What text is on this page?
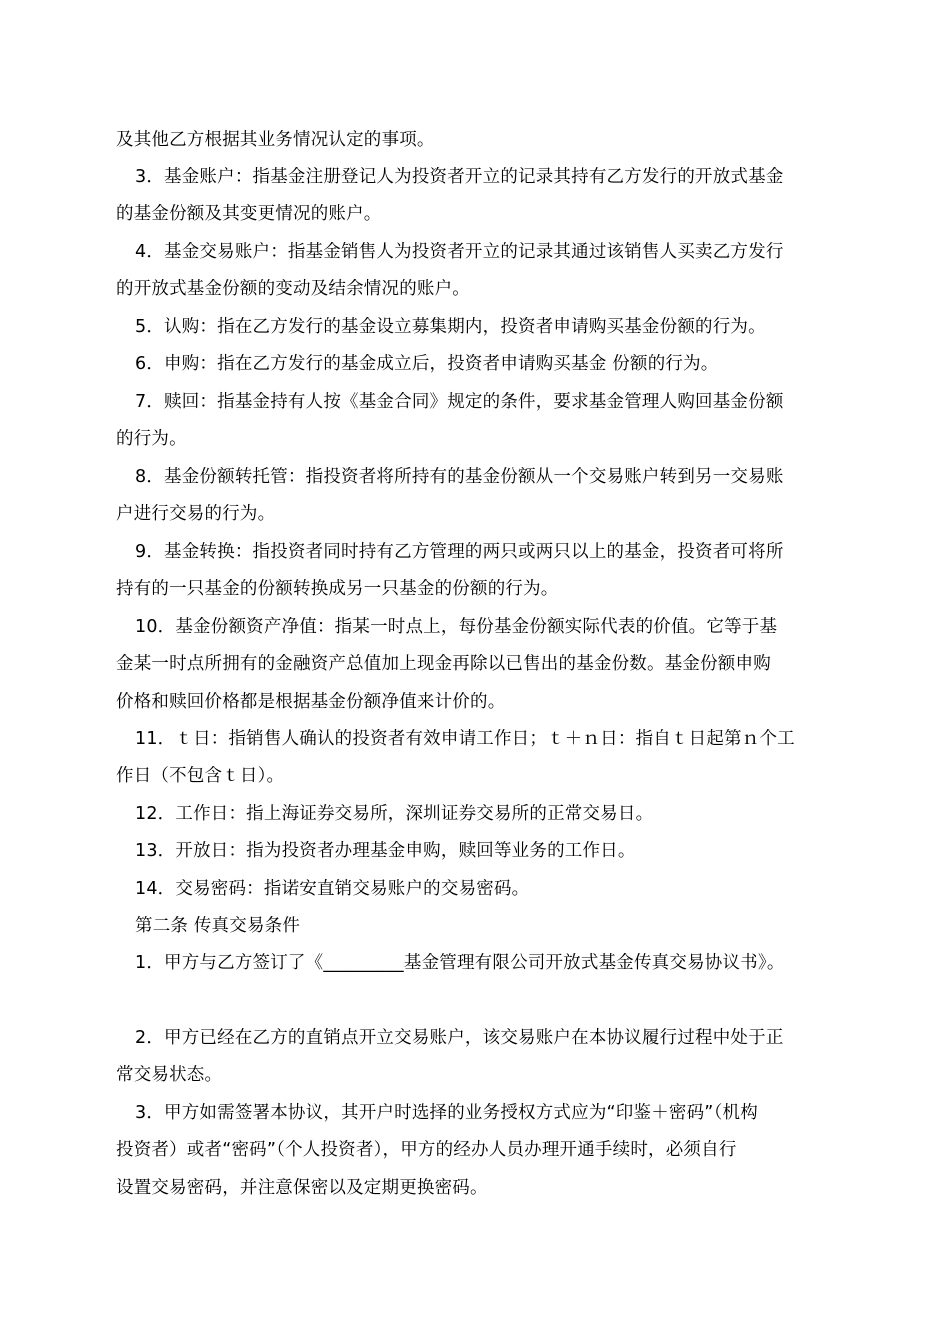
及其他乙方根据其业务情况认定的事项。
3．基金账户：指基金注册登记人为投资者开立的记录其持有乙方发行的开放式基金
的基金份额及其变更情况的账户。
4．基金交易账户：指基金销售人为投资者开立的记录其通过该销售人买卖乙方发行
的开放式基金份额的变动及结余情况的账户。
5．认购：指在乙方发行的基金设立募集期内，投资者申请购买基金份额的行为。
6．申购：指在乙方发行的基金成立后，投资者申请购买基金 份额的行为。
7．赎回：指基金持有人按《基金合同》规定的条件，要求基金管理人购回基金份额
的行为。
8．基金份额转托管：指投资者将所持有的基金份额从一个交易账户转到另一交易账
户进行交易的行为。
9．基金转换：指投资者同时持有乙方管理的两只或两只以上的基金，投资者可将所
持有的一只基金的份额转换成另一只基金的份额的行为。
10．基金份额资产净值：指某一时点上，每份基金份额实际代表的价值。它等于基
金某一时点所拥有的金融资产总值加上现金再除以已售出的基金份数。基金份额申购
价格和赎回价格都是根据基金份额净值来计价的。
11．ｔ日：指销售人确认的投资者有效申请工作日；ｔ＋ｎ日：指自ｔ日起第ｎ个工
作日（不包含ｔ日）。
12．工作日：指上海证券交易所，深圳证券交易所的正常交易日。
13．开放日：指为投资者办理基金申购，赎回等业务的工作日。
14．交易密码：指诺安直销交易账户的交易密码。
第二条 传真交易条件
1．甲方与乙方签订了《_________基金管理有限公司开放式基金传真交易协议书》。
2．甲方已经在乙方的直销点开立交易账户，该交易账户在本协议履行过程中处于正
常交易状态。
3．甲方如需签署本协议，其开户时选择的业务授权方式应为“印鉴＋密码”（机构
投资者）或者“密码”（个人投资者），甲方的经办人员办理开通手续时，必须自行
设置交易密码，并注意保密以及定期更换密码。
